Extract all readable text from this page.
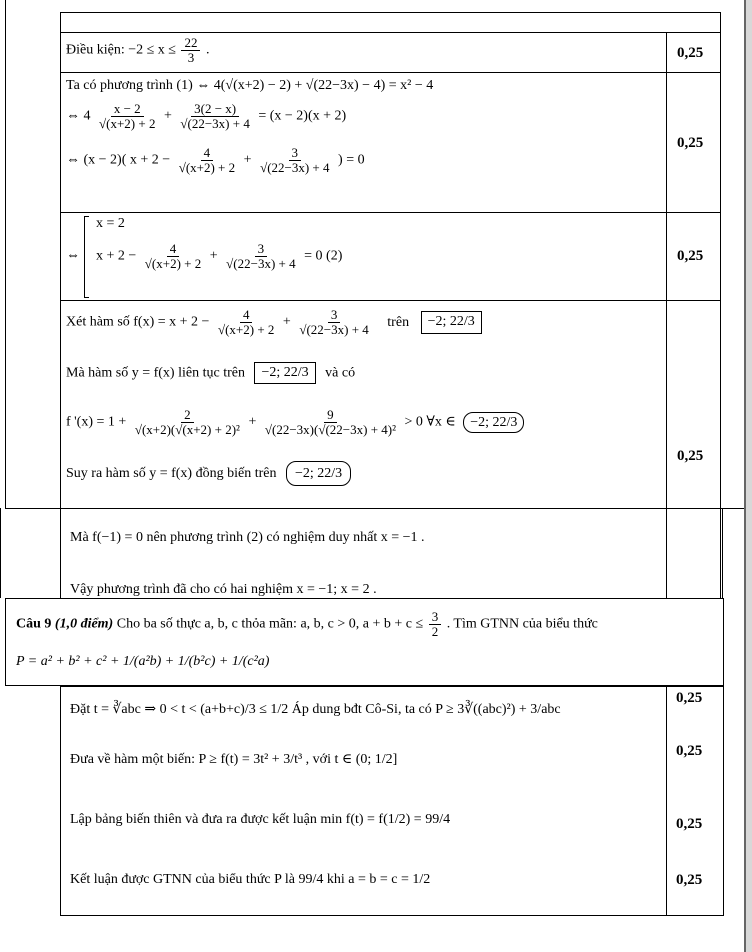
Điều kiện: $-2 \le x \le \frac{22}{3}$ .	0,25
Ta có phương trình (1) ⇔ 4(√(x+2) − 2) + √(22−3x) − 4) = x² − 4
⇔ $4 \frac{x - 2}{√(x+2) + 2} + \frac{3(2 - x)}{√(22-3x) + 4} = (x - 2)(x + 2)$
⇔ (x − 2)( $x + 2 - \frac{4}{√(x+2) + 2} + \frac{3}{√(22-3x) + 4}$ ) = 0
0,25
⇔
x = 2
$x + 2 - \frac{4}{√(x+2) + 2} + \frac{3}{√(22-3x) + 4} = 0$ (2)	0,25
Xét hàm số $f(x) = x + 2 - \frac{4}{√(x+2) + 2} + \frac{3}{√(22-3x) + 4}$ trên −2; 22/3
Mà hàm số y = f(x) liên tục trên −2; 22/3 và có
f '$(x) = 1 + \frac{2}{\text{√(x+2)(√(x+2) + 2)²}} + \frac{9}{\text{√(22−3x)(√(22−3x) + 4)²}} > 0$ ∀x ∈ −2; 22/3
Suy ra hàm số y = f(x) đồng biến trên −2; 22/3
0,25
Mà f(−1) = 0 nên phương trình (2) có nghiệm duy nhất x = −1 .
Vậy phương trình đã cho có hai nghiệm x = −1; x = 2 .
Câu 9 (1,0 điểm) Cho ba số thực a, b, c thỏa mãn: a, b, c > 0, $a + b + c \le \frac{3}{2}$ . Tìm GTNN của biểu thức
P = a² + b² + c² + 1/(a²b) + 1/(b²c) + 1/(c²a)
Đặt t = ∛abc ⇒ 0 < t < (a+b+c)/3 ≤ 1/2 Áp dung bđt Cô-Si, ta có P ≥ 3∛((abc)²) + 3/abc
0,25
Đưa về hàm một biến: P ≥ f(t) = 3t² + 3/t³ , với t ∈ (0; 1/2]
0,25
Lập bảng biến thiên và đưa ra được kết luận min f(t) = f(1/2) = 99/4	0,25
Kết luận được GTNN của biểu thức P là 99/4 khi a = b = c = 1/2	0,25
